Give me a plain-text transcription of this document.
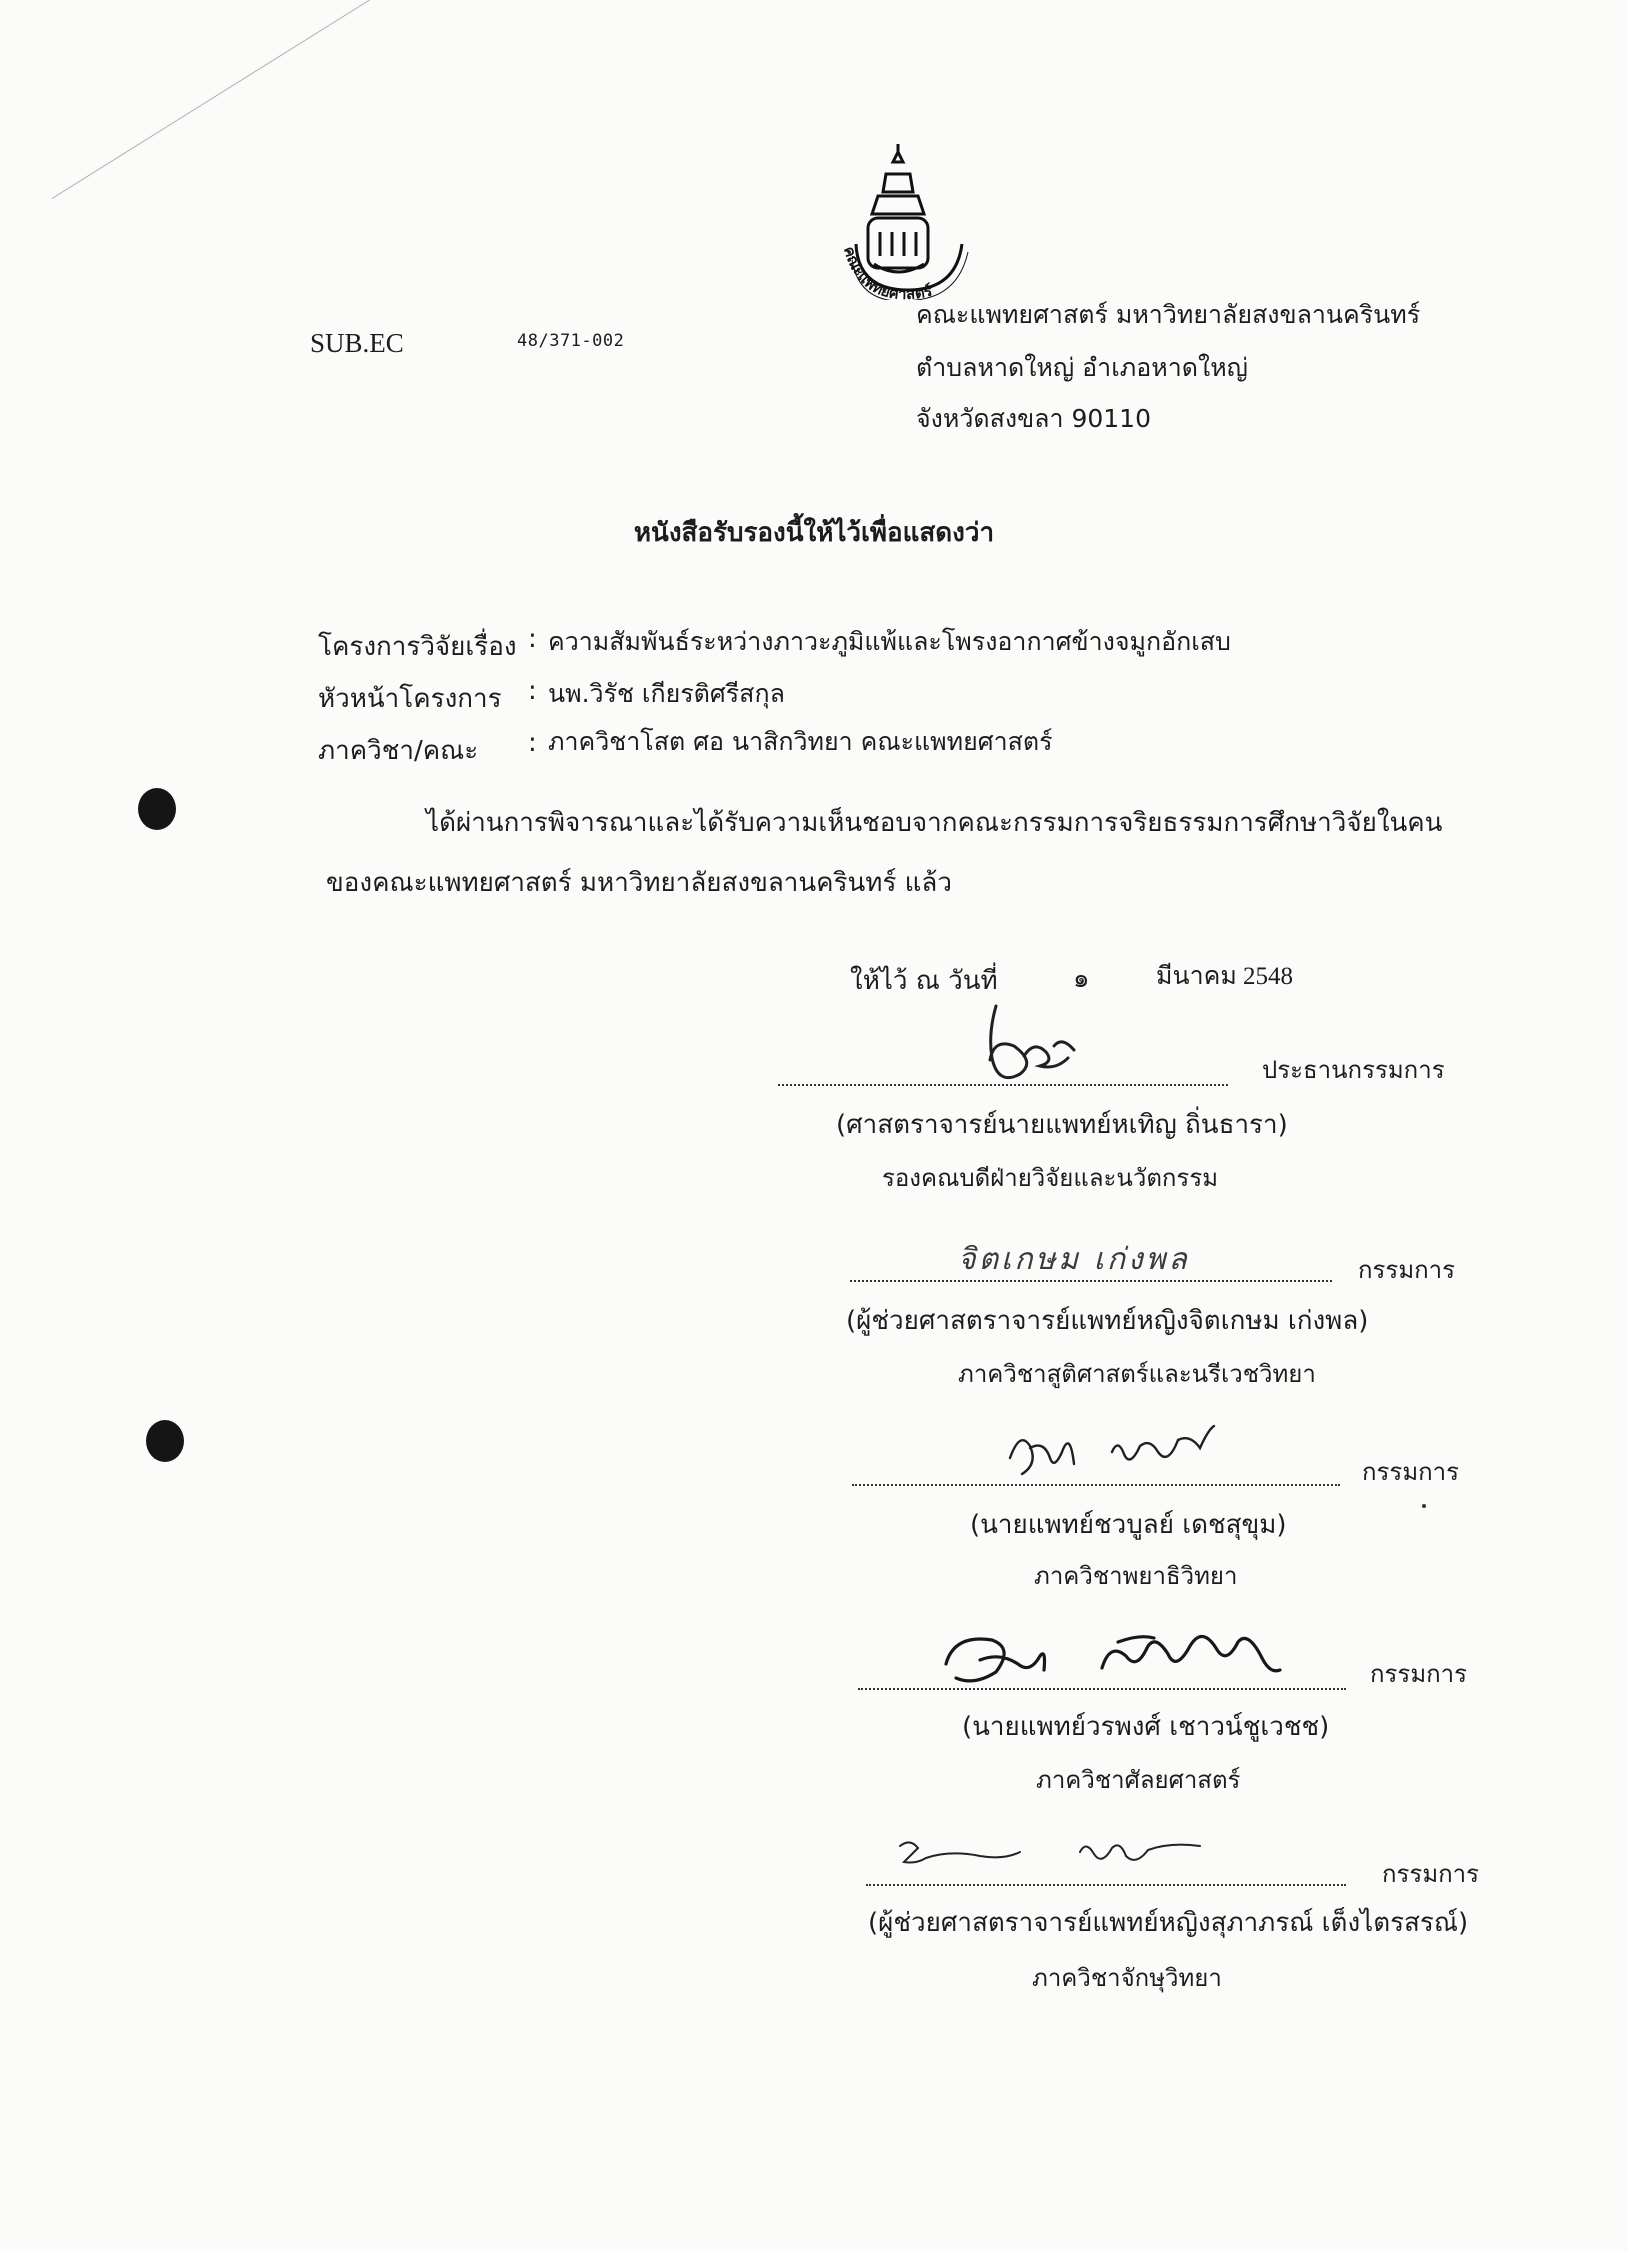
คณะแพทยศาสตร์
SUB.EC	48/371-002
คณะแพทยศาสตร์ มหาวิทยาลัยสงขลานครินทร์
ตำบลหาดใหญ่ อำเภอหาดใหญ่
จังหวัดสงขลา 90110
หนังสือรับรองนี้ให้ไว้เพื่อแสดงว่า
โครงการวิจัยเรื่อง : ความสัมพันธ์ระหว่างภาวะภูมิแพ้และโพรงอากาศข้างจมูกอักเสบ
หัวหน้าโครงการ	: นพ.วิรัช เกียรติศรีสกุล
ภาควิชา/คณะ	: ภาควิชาโสต ศอ นาสิกวิทยา คณะแพทยศาสตร์
ได้ผ่านการพิจารณาและได้รับความเห็นชอบจากคณะกรรมการจริยธรรมการศึกษาวิจัยในคน
ของคณะแพทยศาสตร์ มหาวิทยาลัยสงขลานครินทร์ แล้ว
ให้ไว้ ณ วันที่	๑	มีนาคม 2548
ประธานกรรมการ
(ศาสตราจารย์นายแพทย์หเทิญ ถิ่นธารา)
รองคณบดีฝ่ายวิจัยและนวัตกรรม
จิตเกษม เก่งพล	กรรมการ
(ผู้ช่วยศาสตราจารย์แพทย์หญิงจิตเกษม เก่งพล)
ภาควิชาสูติศาสตร์และนรีเวชวิทยา
กรรมการ
(นายแพทย์ชวบูลย์ เดชสุขุม)
ภาควิชาพยาธิวิทยา
กรรมการ
(นายแพทย์วรพงศ์ เชาวน์ชูเวชช)
ภาควิชาศัลยศาสตร์
กรรมการ
(ผู้ช่วยศาสตราจารย์แพทย์หญิงสุภาภรณ์ เต็งไตรสรณ์)
ภาควิชาจักษุวิทยา
